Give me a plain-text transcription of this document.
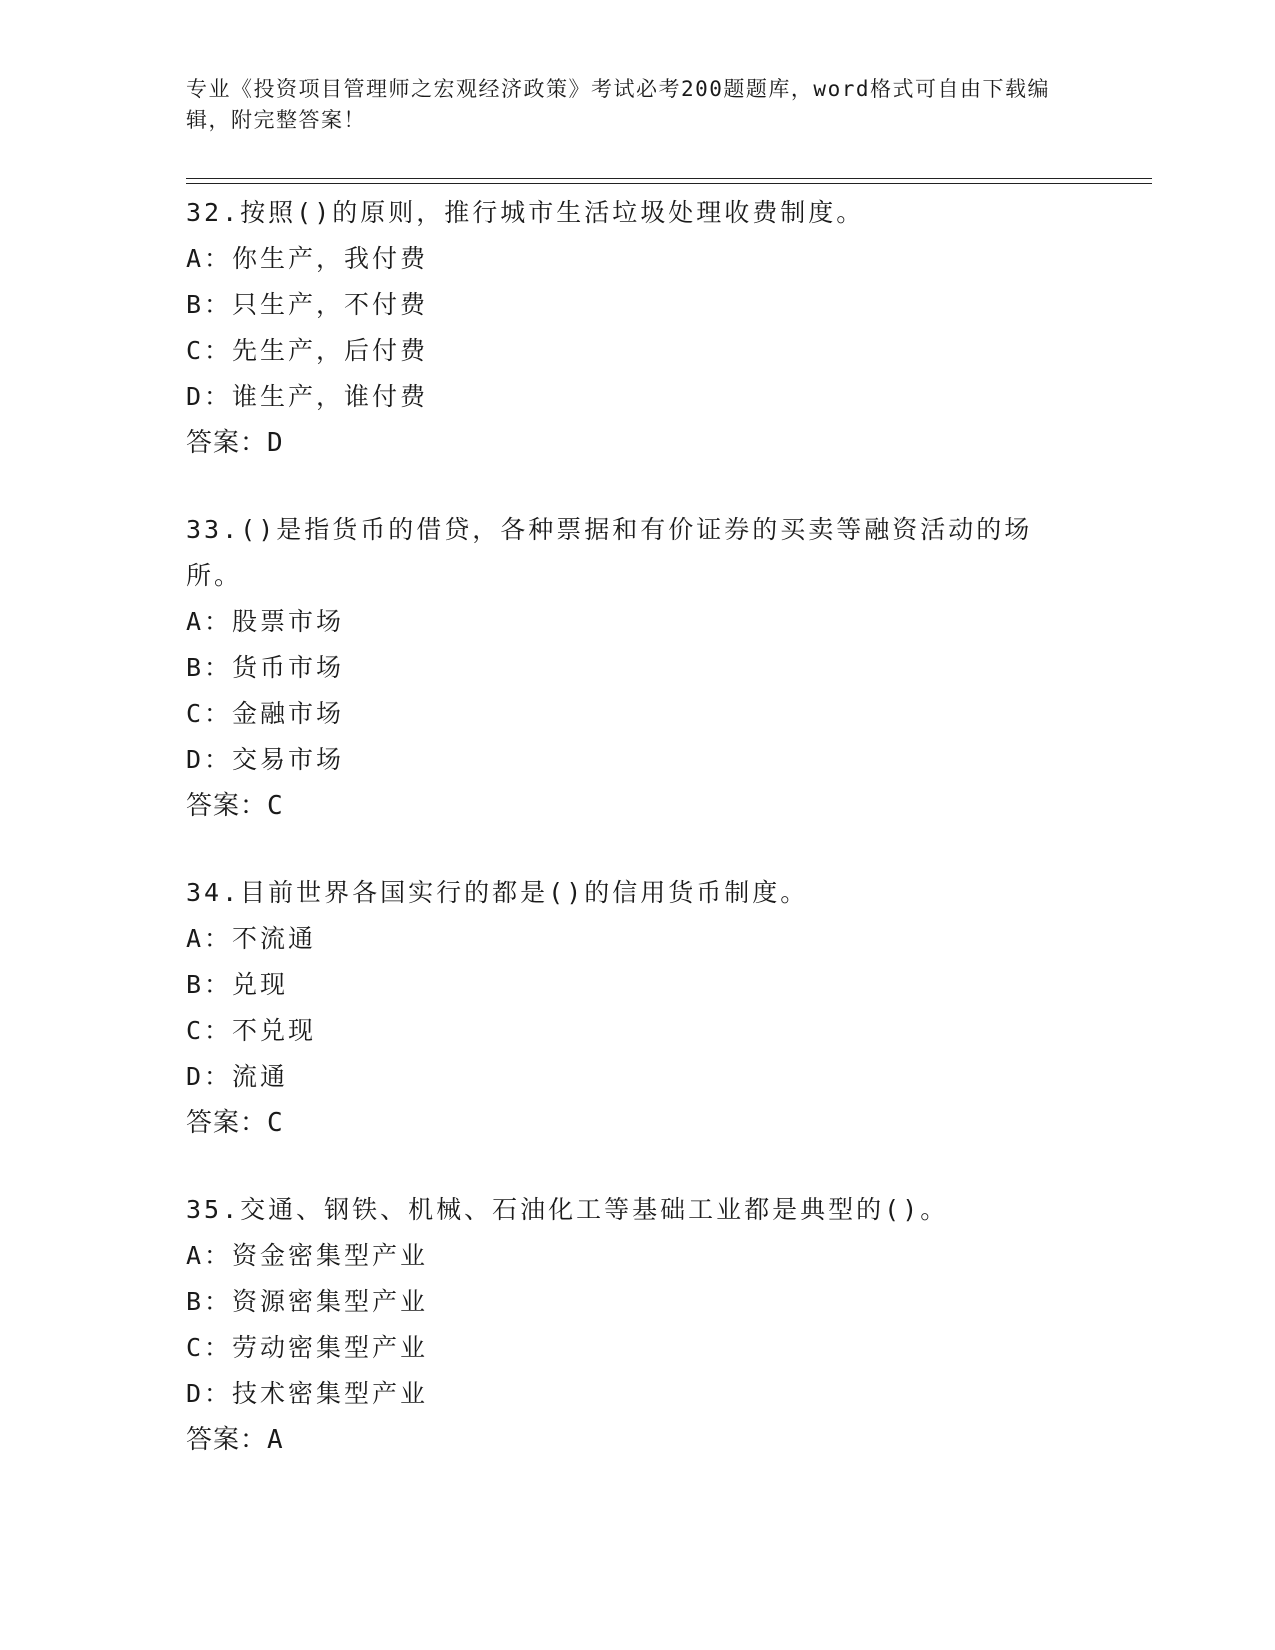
专业《投资项目管理师之宏观经济政策》考试必考200题题库，word格式可自由下载编辑，附完整答案！
32.按照()的原则，推行城市生活垃圾处理收费制度。
A：你生产，我付费
B：只生产，不付费
C：先生产，后付费
D：谁生产，谁付费
答案：D
33.()是指货币的借贷，各种票据和有价证券的买卖等融资活动的场所。
A：股票市场
B：货币市场
C：金融市场
D：交易市场
答案：C
34.目前世界各国实行的都是()的信用货币制度。
A：不流通
B：兑现
C：不兑现
D：流通
答案：C
35.交通、钢铁、机械、石油化工等基础工业都是典型的()。
A：资金密集型产业
B：资源密集型产业
C：劳动密集型产业
D：技术密集型产业
答案：A
